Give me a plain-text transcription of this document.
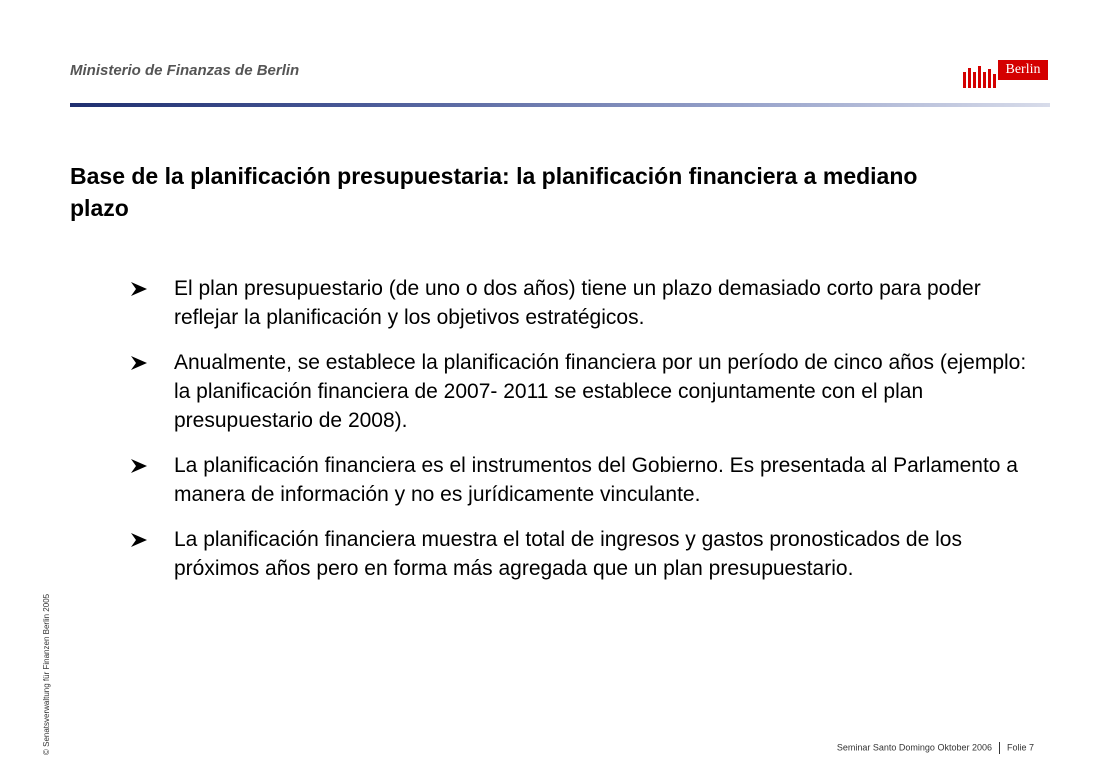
Ministerio de Finanzas de Berlin	Berlin
Base de la planificación presupuestaria: la planificación financiera a mediano plazo
El plan presupuestario (de uno o dos años) tiene un plazo demasiado corto para poder reflejar la planificación y los objetivos estratégicos.
Anualmente, se establece la planificación financiera por un período de cinco años (ejemplo: la planificación financiera de 2007- 2011 se establece conjuntamente con el plan presupuestario de 2008).
La planificación financiera es el instrumentos del Gobierno. Es presentada al Parlamento a manera de información y no es jurídicamente vinculante.
La planificación financiera muestra el total de ingresos y gastos pronosticados de los próximos años pero en forma más agregada que un plan presupuestario.
© Senatsverwaltung für Finanzen Berlin 2005	Seminar Santo Domingo Oktober 2006 Folie 7
